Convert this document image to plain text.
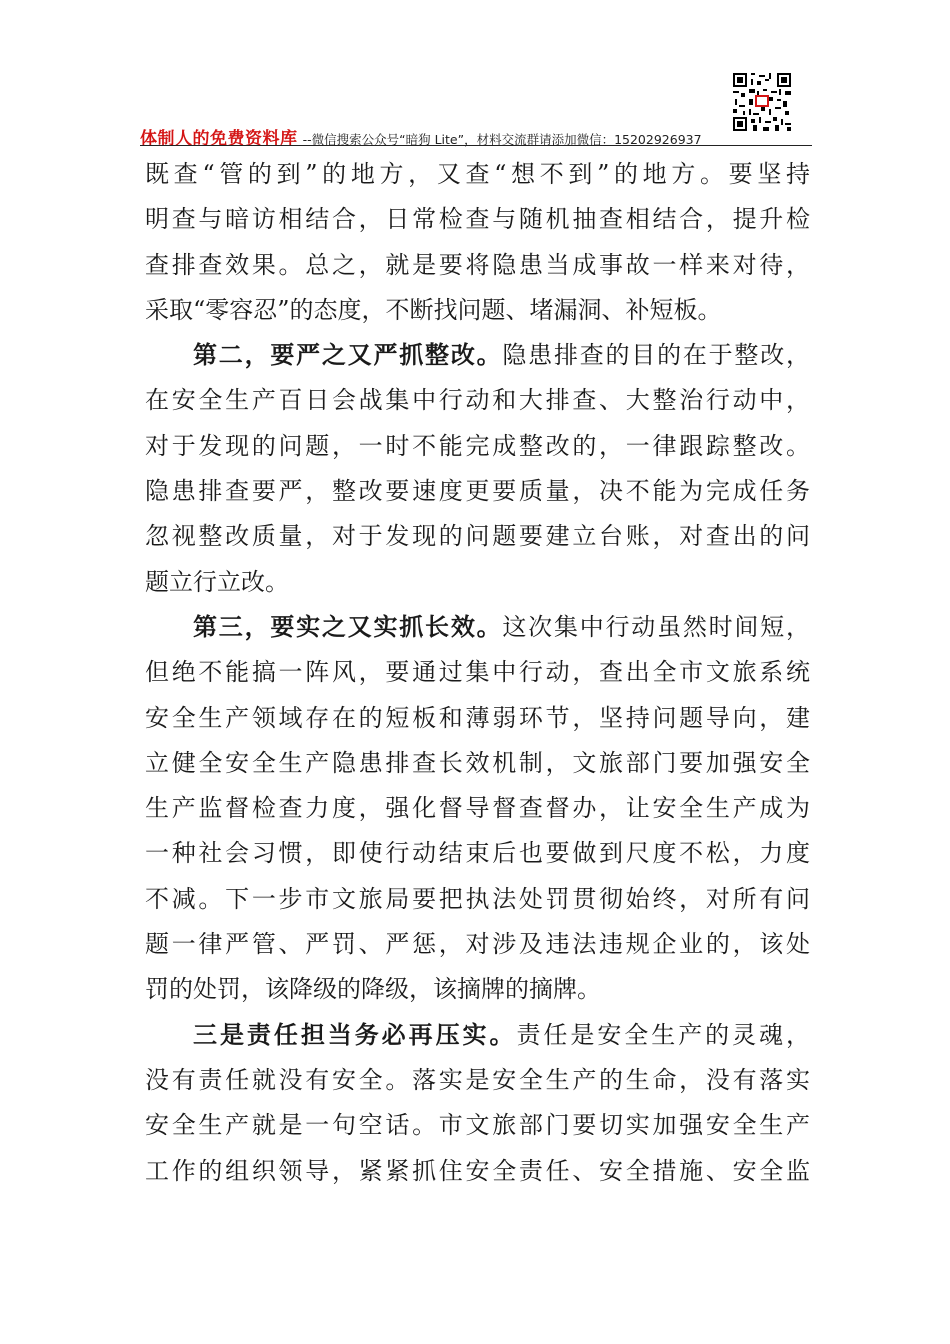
体制人的免费资料库 --微信搜索公众号“暗狗 Lite”，材料交流群请添加微信：15202926937
既查“管的到”的地方，又查“想不到”的地方。要坚持
明查与暗访相结合，日常检查与随机抽查相结合，提升检
查排查效果。总之，就是要将隐患当成事故一样来对待，
采取“零容忍”的态度，不断找问题、堵漏洞、补短板。
第二，要严之又严抓整改。隐患排查的目的在于整改，
在安全生产百日会战集中行动和大排查、大整治行动中，
对于发现的问题，一时不能完成整改的，一律跟踪整改。
隐患排查要严，整改要速度更要质量，决不能为完成任务
忽视整改质量，对于发现的问题要建立台账，对查出的问
题立行立改。
第三，要实之又实抓长效。这次集中行动虽然时间短，
但绝不能搞一阵风，要通过集中行动，查出全市文旅系统
安全生产领域存在的短板和薄弱环节，坚持问题导向，建
立健全安全生产隐患排查长效机制，文旅部门要加强安全
生产监督检查力度，强化督导督查督办，让安全生产成为
一种社会习惯，即使行动结束后也要做到尺度不松，力度
不减。下一步市文旅局要把执法处罚贯彻始终，对所有问
题一律严管、严罚、严惩，对涉及违法违规企业的，该处
罚的处罚，该降级的降级，该摘牌的摘牌。
三是责任担当务必再压实。责任是安全生产的灵魂，
没有责任就没有安全。落实是安全生产的生命，没有落实
安全生产就是一句空话。市文旅部门要切实加强安全生产
工作的组织领导，紧紧抓住安全责任、安全措施、安全监
